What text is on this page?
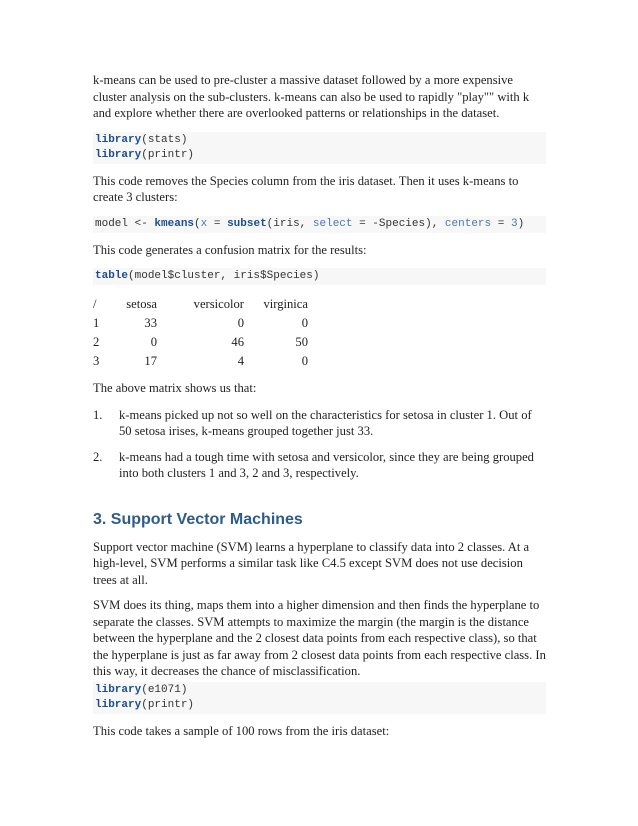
k-means can be used to pre-cluster a massive dataset followed by a more expensive cluster analysis on the sub-clusters. k-means can also be used to rapidly "play"" with k and explore whether there are overlooked patterns or relationships in the dataset.

library(stats)
library(printr)

This code removes the Species column from the iris dataset. Then it uses k-means to create 3 clusters:

model <- kmeans(x = subset(iris, select = -Species), centers = 3)

This code generates a confusion matrix for the results:

table(model$cluster, iris$Species)
/	setosa	versicolor	virginica
1	33	0	0
2	0	46	50
3	17	4	0

The above matrix shows us that:

1.	k-means picked up not so well on the characteristics for setosa in cluster 1. Out of 50 setosa irises, k-means grouped together just 33.
2.	k-means had a tough time with setosa and versicolor, since they are being grouped into both clusters 1 and 3, 2 and 3, respectively.
3. Support Vector Machines

Support vector machine (SVM) learns a hyperplane to classify data into 2 classes. At a high-level, SVM performs a similar task like C4.5 except SVM does not use decision trees at all.

SVM does its thing, maps them into a higher dimension and then finds the hyperplane to separate the classes. SVM attempts to maximize the margin (the margin is the distance between the hyperplane and the 2 closest data points from each respective class), so that the hyperplane is just as far away from 2 closest data points from each respective class. In this way, it decreases the chance of misclassification.

library(e1071)
library(printr)

This code takes a sample of 100 rows from the iris dataset:
